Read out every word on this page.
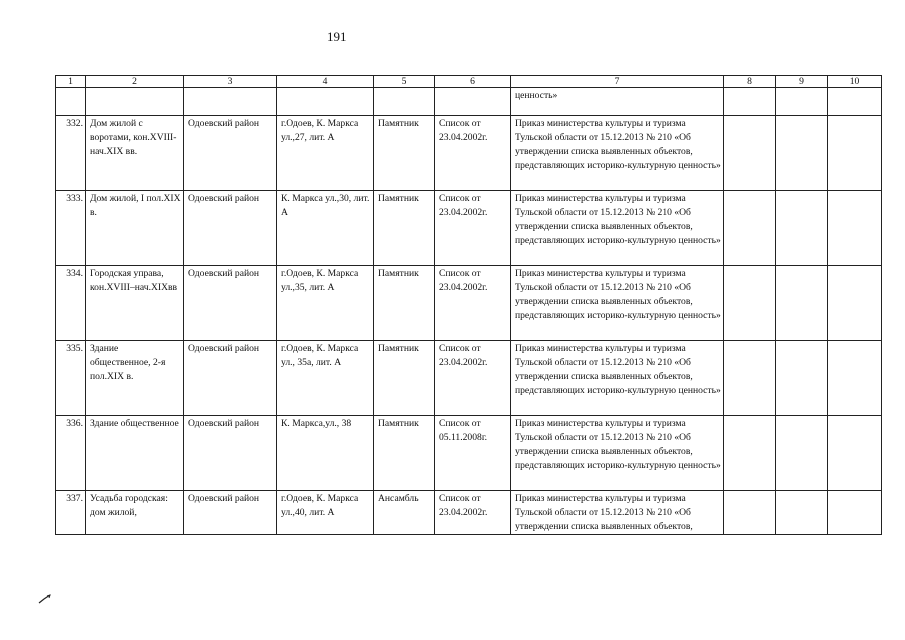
191
1	2	3	4	5	6	7	8	9	10
						ценность»			
332.	Дом жилой с воротами, кон.XVIII-нач.XIX вв.	Одоевский район	г.Одоев, К. Маркса ул.,27, лит. А	Памятник	Список от 23.04.2002г.	Приказ министерства культуры и туризма Тульской области от 15.12.2013 № 210 «Об утверждении списка выявленных объектов, представляющих историко-культурную ценность»			
333.	Дом жилой, I пол.XIX в.	Одоевский район	К. Маркса ул.,30, лит. А	Памятник	Список от 23.04.2002г.	Приказ министерства культуры и туризма Тульской области от 15.12.2013 № 210 «Об утверждении списка выявленных объектов, представляющих историко-культурную ценность»			
334.	Городская управа, кон.XVIII–нач.XIXвв	Одоевский район	г.Одоев, К. Маркса ул.,35, лит. А	Памятник	Список от 23.04.2002г.	Приказ министерства культуры и туризма Тульской области от 15.12.2013 № 210 «Об утверждении списка выявленных объектов, представляющих историко-культурную ценность»			
335.	Здание общественное, 2-я пол.XIX в.	Одоевский район	г.Одоев, К. Маркса ул., 35а, лит. А	Памятник	Список от 23.04.2002г.	Приказ министерства культуры и туризма Тульской области от 15.12.2013 № 210 «Об утверждении списка выявленных объектов, представляющих историко-культурную ценность»			
336.	Здание общественное	Одоевский район	К. Маркса,ул., 38	Памятник	Список от 05.11.2008г.	Приказ министерства культуры и туризма Тульской области от 15.12.2013 № 210 «Об утверждении списка выявленных объектов, представляющих историко-культурную ценность»			
337.	Усадьба городская: дом жилой,	Одоевский район	г.Одоев, К. Маркса ул.,40, лит. А	Ансамбль	Список от 23.04.2002г.	Приказ министерства культуры и туризма Тульской области от 15.12.2013 № 210 «Об утверждении списка выявленных объектов,			
